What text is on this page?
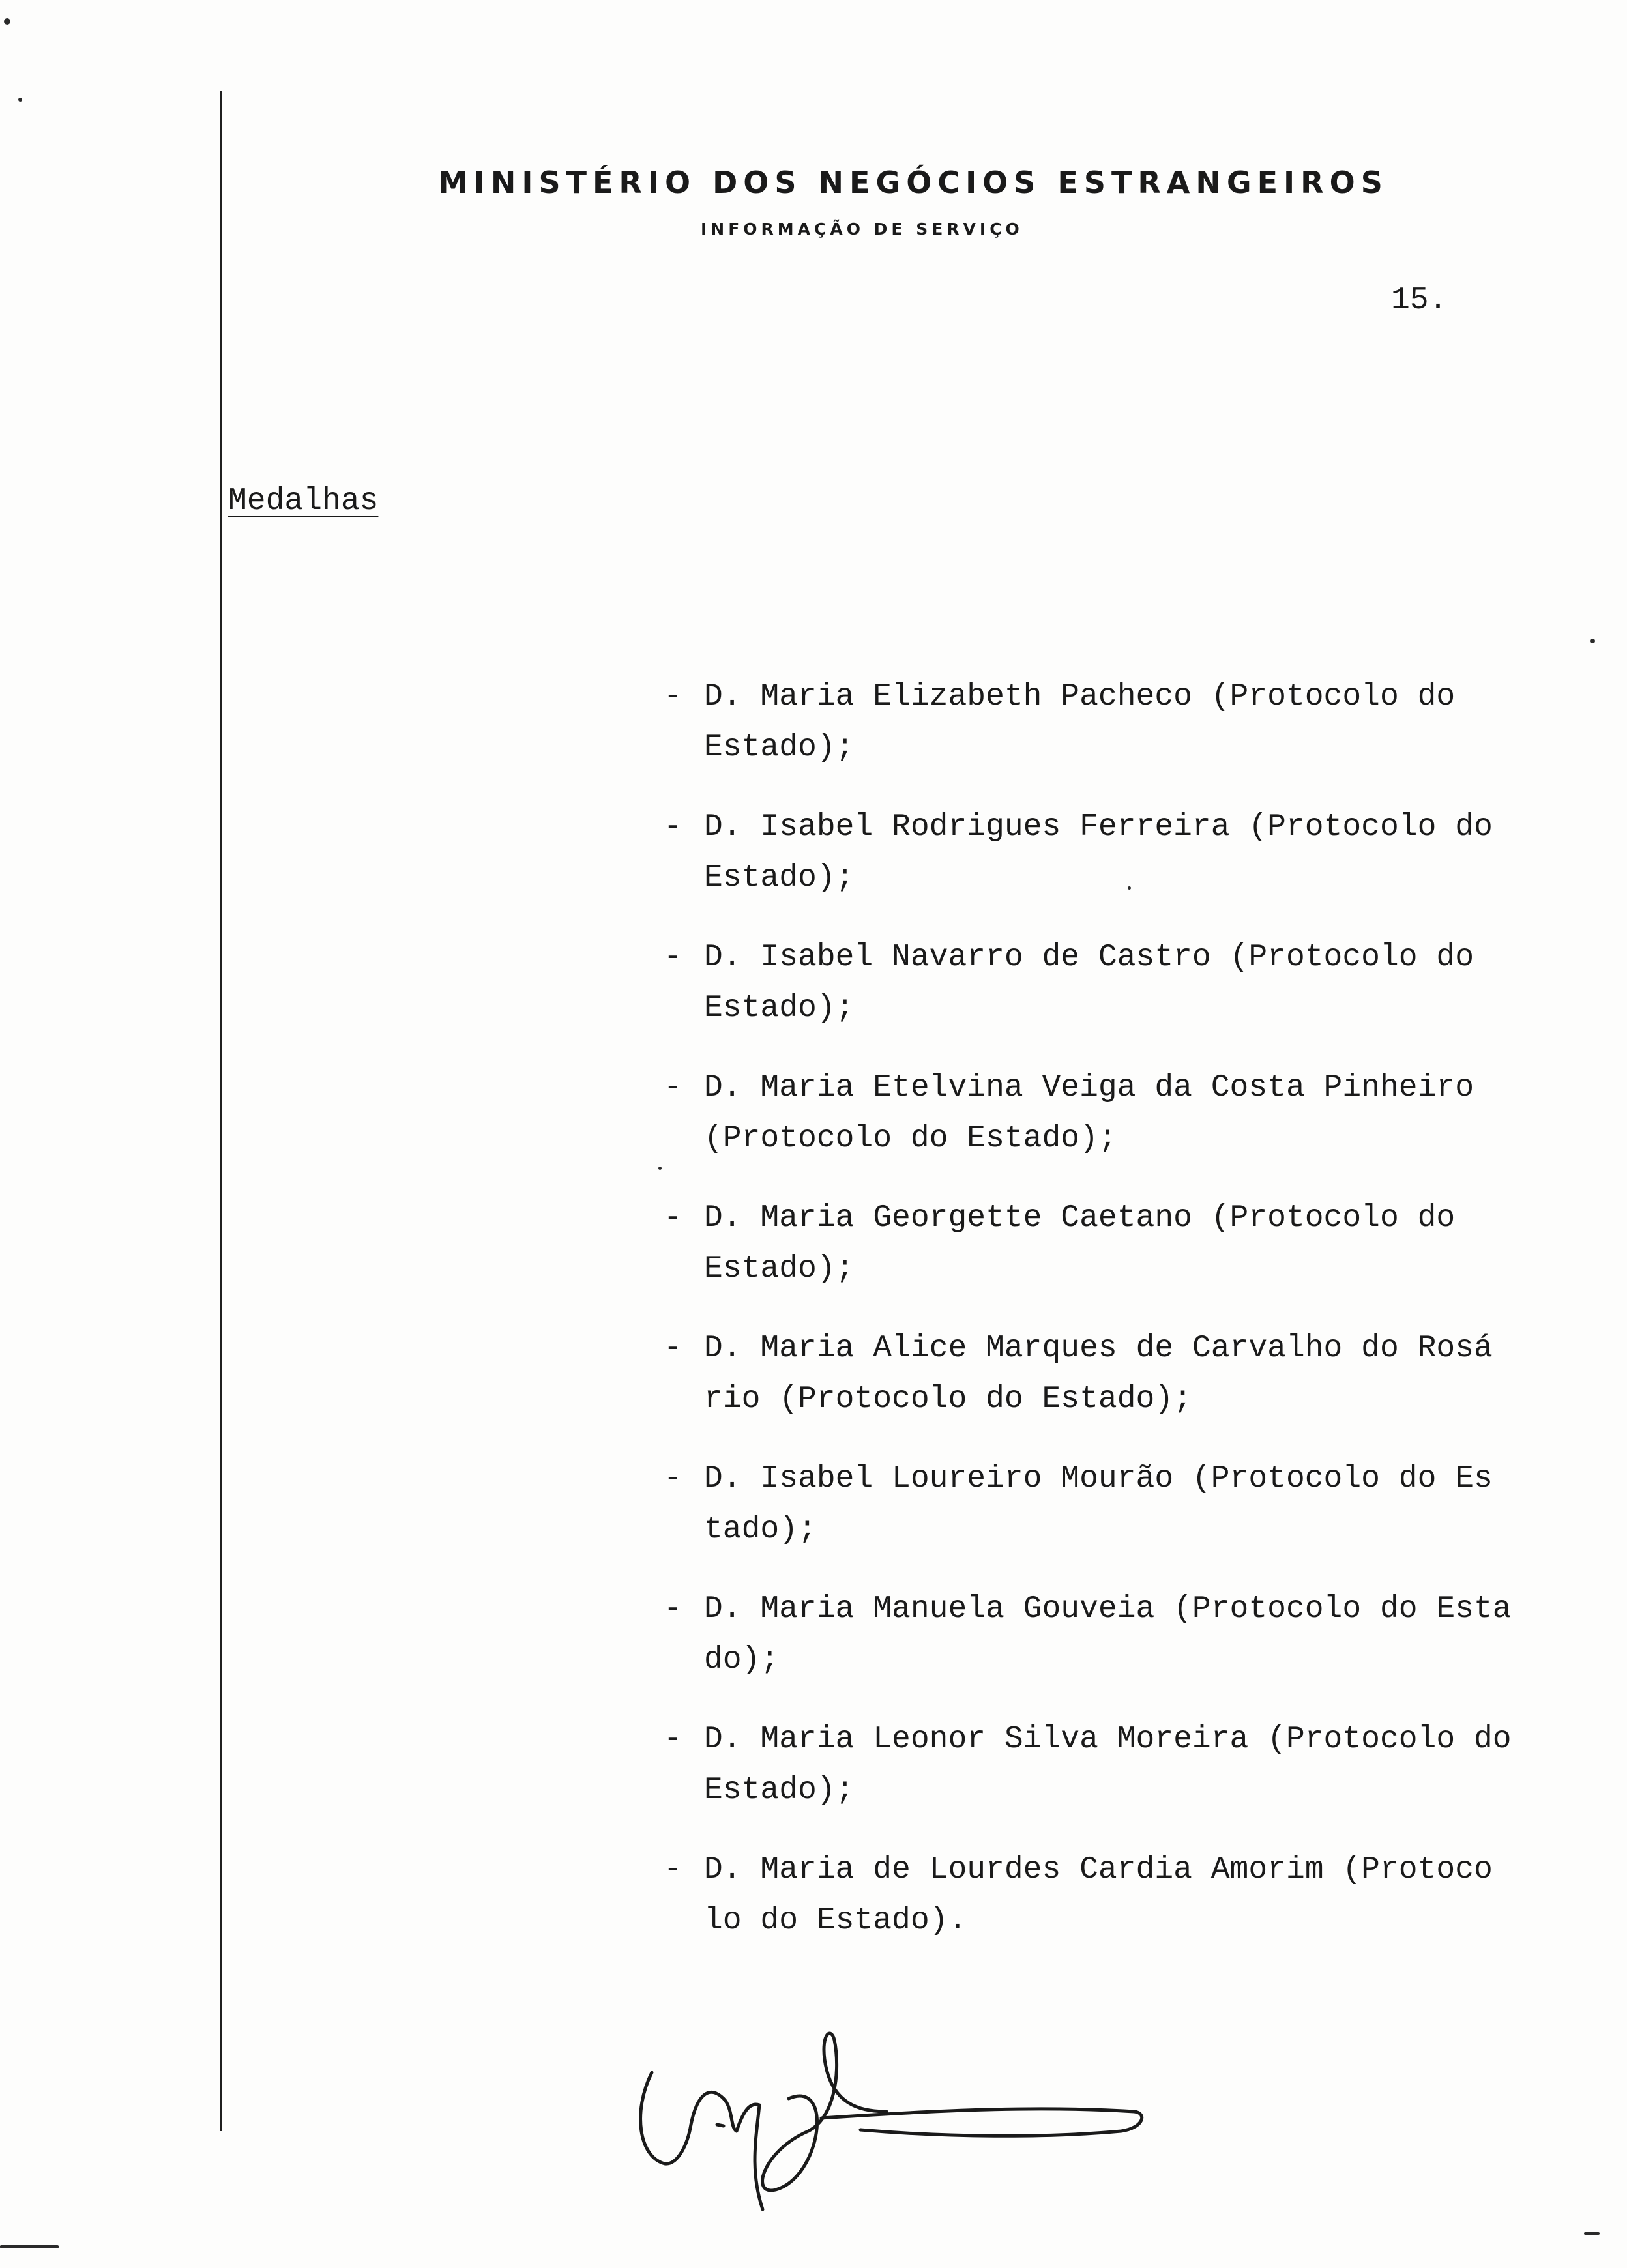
MINISTÉRIO DOS NEGÓCIOS ESTRANGEIROS
INFORMAÇÃO DE SERVIÇO
15.
Medalhas
- D. Maria Elizabeth Pacheco (Protocolo do
Estado);
- D. Isabel Rodrigues Ferreira (Protocolo do
Estado);
- D. Isabel Navarro de Castro (Protocolo do
Estado);
- D. Maria Etelvina Veiga da Costa Pinheiro
(Protocolo do Estado);
- D. Maria Georgette Caetano (Protocolo do
Estado);
- D. Maria Alice Marques de Carvalho do Rosá
rio (Protocolo do Estado);
- D. Isabel Loureiro Mourão (Protocolo do Es
tado);
- D. Maria Manuela Gouveia (Protocolo do Esta
do);
- D. Maria Leonor Silva Moreira (Protocolo do
Estado);
- D. Maria de Lourdes Cardia Amorim (Protoco
lo do Estado).
